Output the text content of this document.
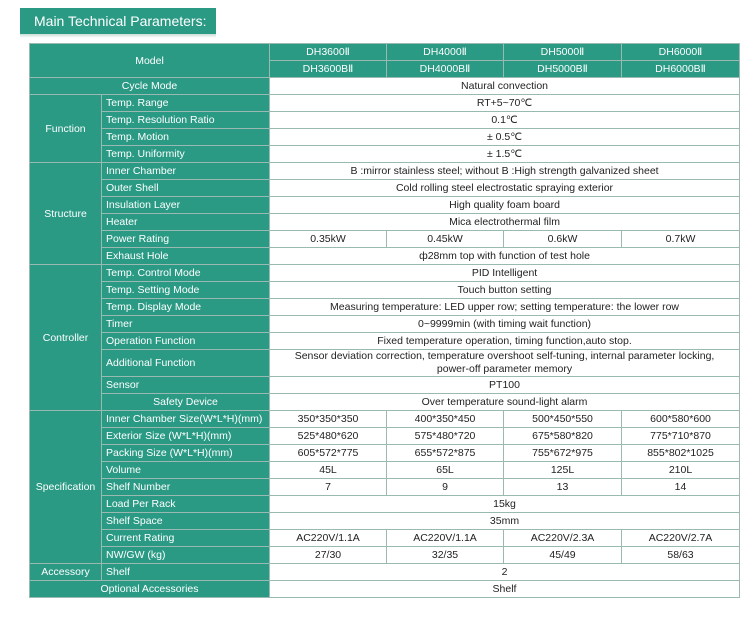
Main Technical Parameters:
Model		DH3600Ⅱ	DH4000Ⅱ	DH5000Ⅱ	DH6000Ⅱ
		DH3600BⅡ	DH4000BⅡ	DH5000BⅡ	DH6000BⅡ
Cycle Mode		Natural convection			
Function	Temp. Range	RT+5~70℃			
	Temp. Resolution Ratio	0.1℃			
	Temp. Motion	± 0.5℃			
	Temp. Uniformity	± 1.5℃			
Structure	Inner Chamber	B :mirror stainless steel; without B :High strength galvanized sheet			
	Outer Shell	Cold rolling steel electrostatic spraying exterior			
	Insulation Layer	High quality foam board			
	Heater	Mica electrothermal film			
	Power Rating	0.35kW	0.45kW	0.6kW	0.7kW
	Exhaust Hole	ф28mm top with function of test hole			
Controller	Temp. Control Mode	PID Intelligent			
	Temp. Setting Mode	Touch button setting			
	Temp. Display Mode	Measuring temperature: LED upper row; setting temperature: the lower row			
	Timer	0~9999min (with timing wait function)			
	Operation Function	Fixed temperature operation, timing function,auto stop.			
	Additional Function	Sensor deviation correction, temperature overshoot self-tuning, internal parameter locking,
power-off parameter memory			

	Sensor	PT100			
	Safety Device	Over temperature sound-light alarm			
Specification	Inner Chamber Size(W*L*H)(mm)	350*350*350	400*350*450	500*450*550	600*580*600
	Exterior Size (W*L*H)(mm)	525*480*620	575*480*720	675*580*820	775*710*870
	Packing Size (W*L*H)(mm)	605*572*775	655*572*875	755*672*975	855*802*1025
	Volume	45L	65L	125L	210L
	Shelf Number	7	9	13	14
	Load Per Rack	15kg			
	Shelf Space	35mm			
	Current Rating	AC220V/1.1A	AC220V/1.1A	AC220V/2.3A	AC220V/2.7A
	NW/GW (kg)	27/30	32/35	45/49	58/63
Accessory	Shelf	2			
Optional Accessories		Shelf			
